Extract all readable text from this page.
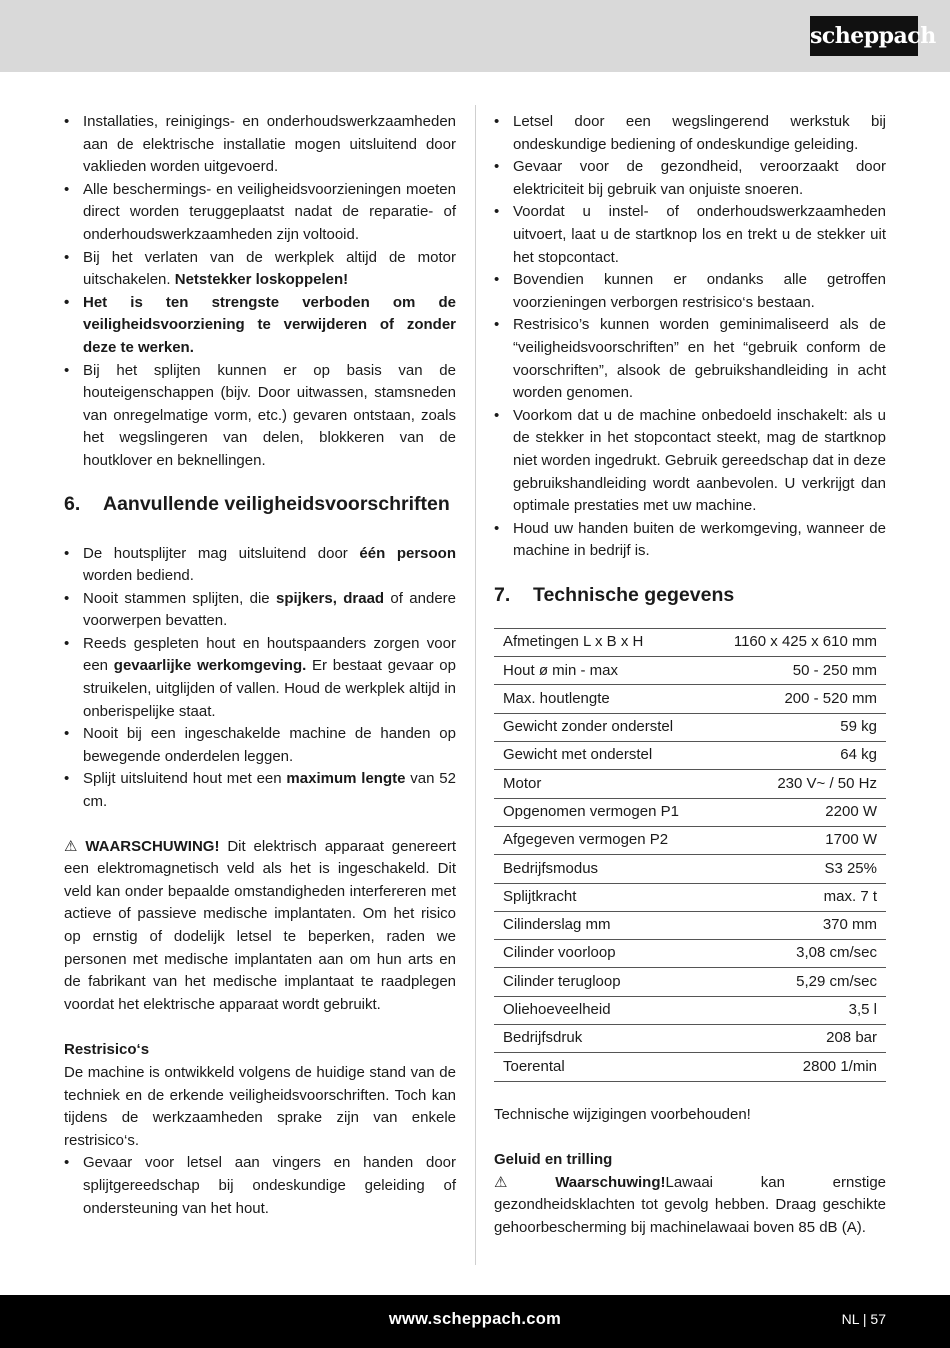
scheppach
• Installaties, reinigings- en onderhoudswerkzaamheden aan de elektrische installatie mogen uitsluitend door vaklieden worden uitgevoerd.
• Alle beschermings- en veiligheidsvoorzieningen moeten direct worden teruggeplaatst nadat de reparatie- of onderhoudswerkzaamheden zijn voltooid.
• Bij het verlaten van de werkplek altijd de motor uitschakelen. Netstekker loskoppelen!
• Het is ten strengste verboden om de veiligheidsvoorziening te verwijderen of zonder deze te werken.
• Bij het splijten kunnen er op basis van de houteigenschappen (bijv. Door uitwassen, stamsneden van onregelmatige vorm, etc.) gevaren ontstaan, zoals het wegslingeren van delen, blokkeren van de houtklover en beknellingen.
6.	Aanvullende veiligheidsvoorschriften
• De houtsplijter mag uitsluitend door één persoon worden bediend.
• Nooit stammen splijten, die spijkers, draad of andere voorwerpen bevatten.
• Reeds gespleten hout en houtspaanders zorgen voor een gevaarlijke werkomgeving. Er bestaat gevaar op struikelen, uitglijden of vallen. Houd de werkplek altijd in onberispelijke staat.
• Nooit bij een ingeschakelde machine de handen op bewegende onderdelen leggen.
• Splijt uitsluitend hout met een maximum lengte van 52 cm.

⚠ WAARSCHUWING! Dit elektrisch apparaat genereert een elektromagnetisch veld als het is ingeschakeld. Dit veld kan onder bepaalde omstandigheden interfereren met actieve of passieve medische implantaten. Om het risico op ernstig of dodelijk letsel te beperken, raden we personen met medische implantaten aan om hun arts en de fabrikant van het medische implantaat te raadplegen voordat het elektrische apparaat wordt gebruikt.

Restrisico‘s

De machine is ontwikkeld volgens de huidige stand van de techniek en de erkende veiligheidsvoorschriften. Toch kan tijdens de werkzaamheden sprake zijn van enkele restrisico‘s.

• Gevaar voor letsel aan vingers en handen door splijtgereedschap bij ondeskundige geleiding of ondersteuning van het hout.
• Letsel door een wegslingerend werkstuk bij ondeskundige bediening of ondeskundige geleiding.
• Gevaar voor de gezondheid, veroorzaakt door elektriciteit bij gebruik van onjuiste snoeren.
• Voordat u instel- of onderhoudswerkzaamheden uitvoert, laat u de startknop los en trekt u de stekker uit het stopcontact.
• Bovendien kunnen er ondanks alle getroffen voorzieningen verborgen restrisico‘s bestaan.
• Restrisico’s kunnen worden geminimaliseerd als de “veiligheidsvoorschriften” en het “gebruik conform de voorschriften”, alsook de gebruikshandleiding in acht worden genomen.
• Voorkom dat u de machine onbedoeld inschakelt: als u de stekker in het stopcontact steekt, mag de startknop niet worden ingedrukt. Gebruik gereedschap dat in deze gebruikshandleiding wordt aanbevolen. U verkrijgt dan optimale prestaties met uw machine.
• Houd uw handen buiten de werkomgeving, wanneer de machine in bedrijf is.
7.	Technische gegevens
Afmetingen L x B x H	1160 x 425 x 610 mm
Hout ø min - max	50 - 250 mm
Max. houtlengte	200 - 520 mm
Gewicht zonder onderstel	59 kg
Gewicht met onderstel	64 kg
Motor	230 V~ / 50 Hz
Opgenomen vermogen P1	2200 W
Afgegeven vermogen P2	1700 W
Bedrijfsmodus	S3 25%
Splijtkracht	max. 7 t
Cilinderslag mm	370 mm
Cilinder voorloop	3,08 cm/sec
Cilinder terugloop	5,29 cm/sec
Oliehoeveelheid	3,5 l
Bedrijfsdruk	208 bar
Toerental	2800 1/min

Technische wijzigingen voorbehouden!

Geluid en trilling

⚠	Waarschuwing!Lawaai kan ernstige gezondheidsklachten tot gevolg hebben. Draag geschikte gehoorbescherming bij machinelawaai boven 85 dB (A).

www.scheppach.com	NL | 57
